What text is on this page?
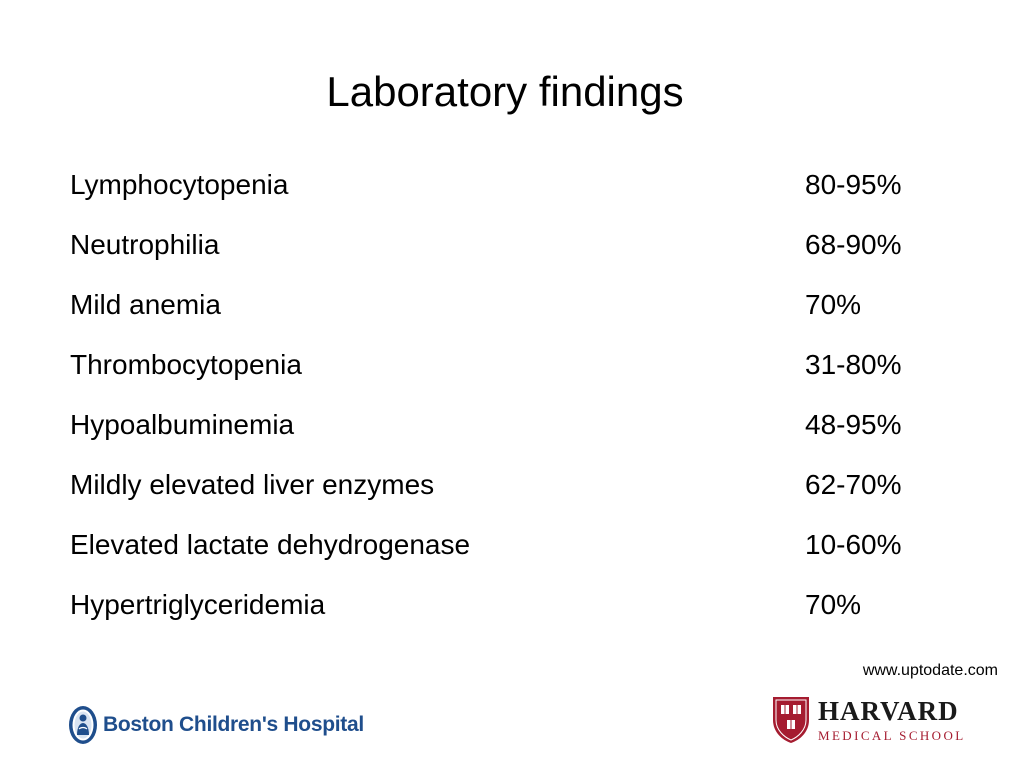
Laboratory findings
Lymphocytopenia	80-95%
Neutrophilia	68-90%
Mild anemia	70%
Thrombocytopenia	31-80%
Hypoalbuminemia	48-95%
Mildly elevated liver enzymes	62-70%
Elevated lactate dehydrogenase	10-60%
Hypertriglyceridemia	70%
www.uptodate.com
Boston Children's Hospital	HARVARD
MEDICAL SCHOOL
